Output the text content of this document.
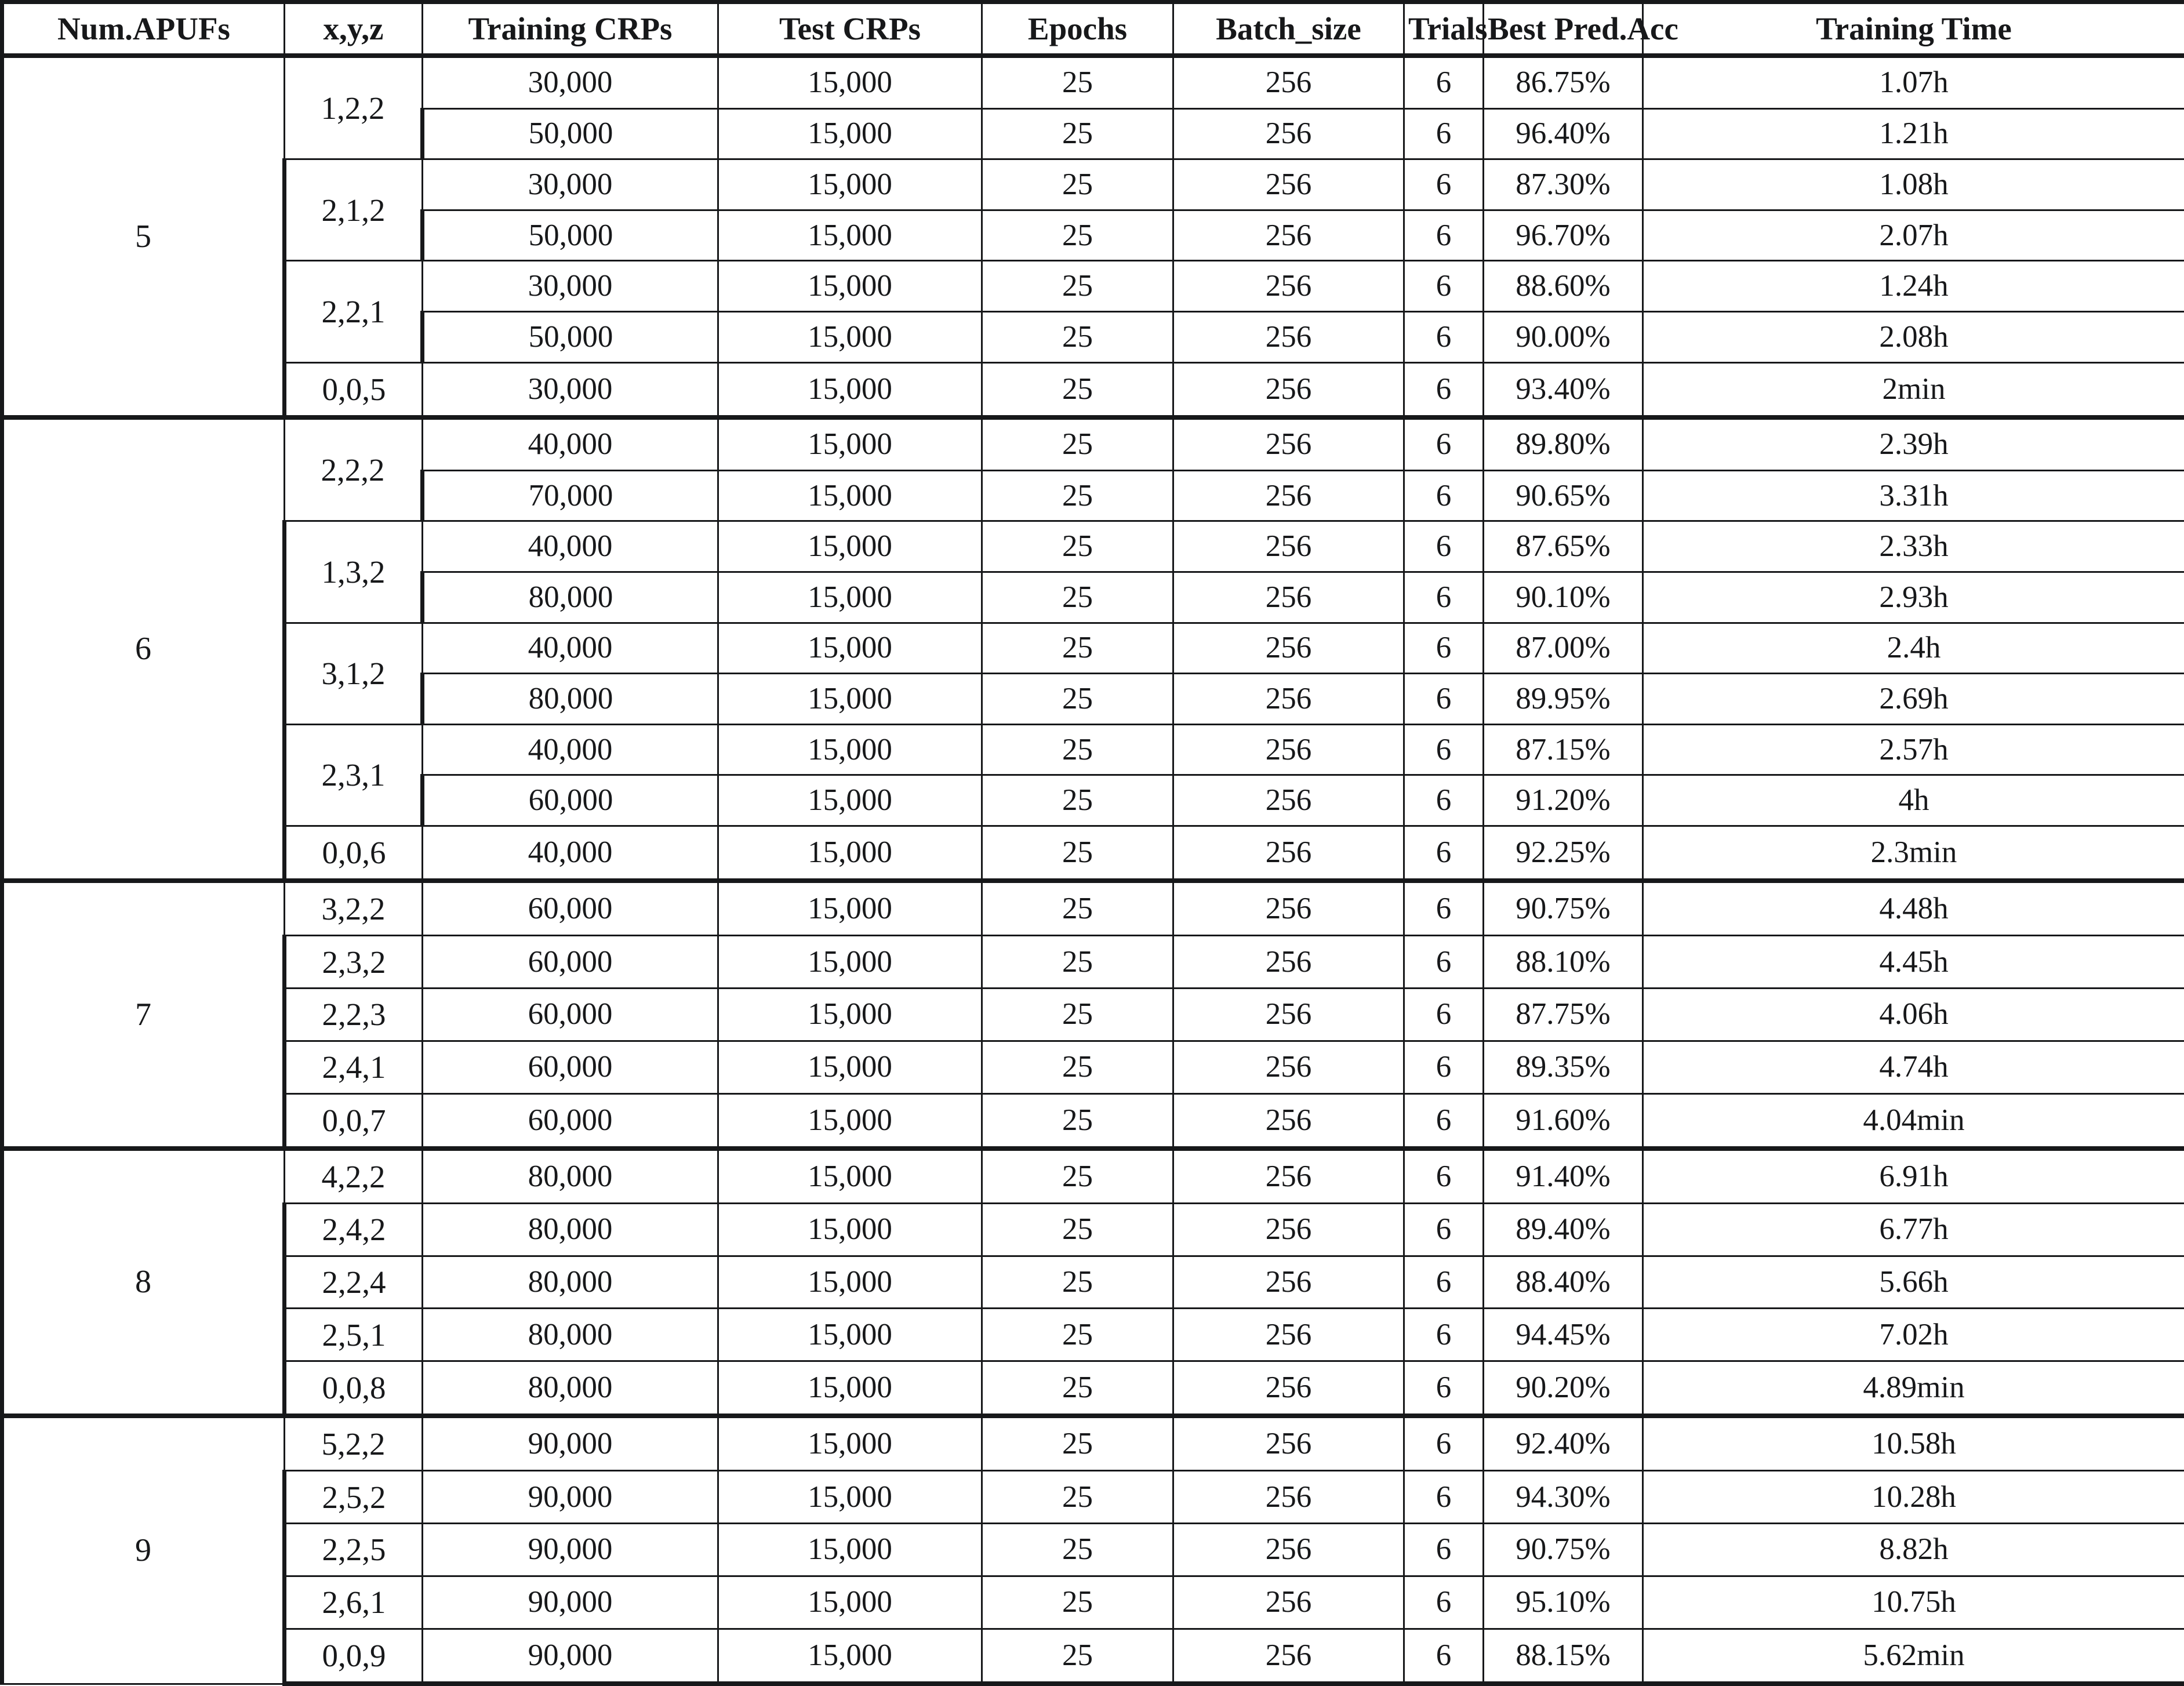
Num.APUFs	x,y,z	Training CRPs	Test CRPs	Epochs	Batch_size	Trials	Best Pred.Acc	Training Time
5	1,2,2	30,000	15,000	25	256	6	86.75%	1.07h
		50,000	15,000	25	256	6	96.40%	1.21h
	2,1,2	30,000	15,000	25	256	6	87.30%	1.08h
		50,000	15,000	25	256	6	96.70%	2.07h
	2,2,1	30,000	15,000	25	256	6	88.60%	1.24h
		50,000	15,000	25	256	6	90.00%	2.08h
	0,0,5	30,000	15,000	25	256	6	93.40%	2min
6	2,2,2	40,000	15,000	25	256	6	89.80%	2.39h
		70,000	15,000	25	256	6	90.65%	3.31h
	1,3,2	40,000	15,000	25	256	6	87.65%	2.33h
		80,000	15,000	25	256	6	90.10%	2.93h
	3,1,2	40,000	15,000	25	256	6	87.00%	2.4h
		80,000	15,000	25	256	6	89.95%	2.69h
	2,3,1	40,000	15,000	25	256	6	87.15%	2.57h
		60,000	15,000	25	256	6	91.20%	4h
	0,0,6	40,000	15,000	25	256	6	92.25%	2.3min
7	3,2,2	60,000	15,000	25	256	6	90.75%	4.48h
	2,3,2	60,000	15,000	25	256	6	88.10%	4.45h
	2,2,3	60,000	15,000	25	256	6	87.75%	4.06h
	2,4,1	60,000	15,000	25	256	6	89.35%	4.74h
	0,0,7	60,000	15,000	25	256	6	91.60%	4.04min
8	4,2,2	80,000	15,000	25	256	6	91.40%	6.91h
	2,4,2	80,000	15,000	25	256	6	89.40%	6.77h
	2,2,4	80,000	15,000	25	256	6	88.40%	5.66h
	2,5,1	80,000	15,000	25	256	6	94.45%	7.02h
	0,0,8	80,000	15,000	25	256	6	90.20%	4.89min
9	5,2,2	90,000	15,000	25	256	6	92.40%	10.58h
	2,5,2	90,000	15,000	25	256	6	94.30%	10.28h
	2,2,5	90,000	15,000	25	256	6	90.75%	8.82h
	2,6,1	90,000	15,000	25	256	6	95.10%	10.75h
	0,0,9	90,000	15,000	25	256	6	88.15%	5.62min
